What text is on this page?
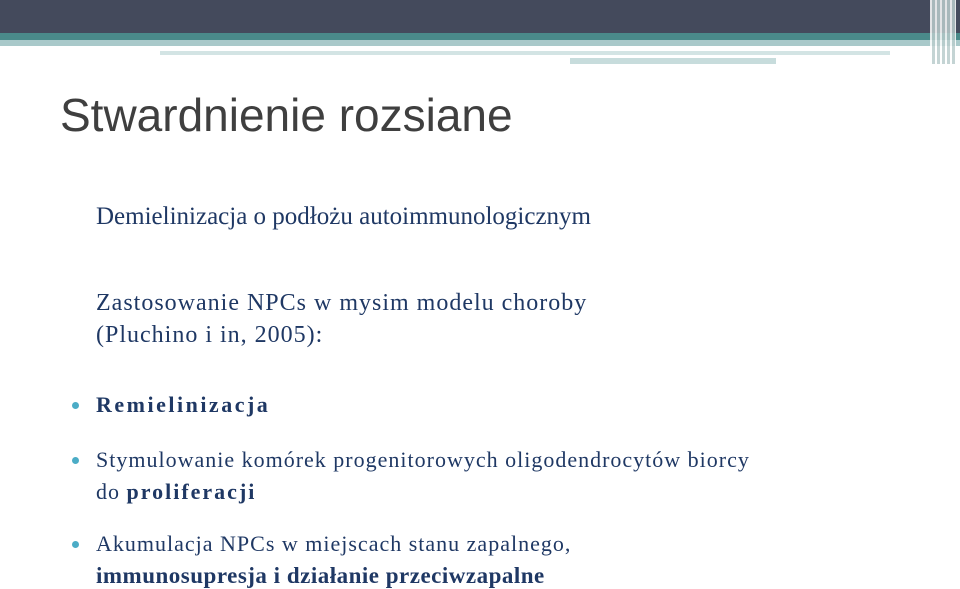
Stwardnienie rozsiane
Demielinizacja o podłożu autoimmunologicznym
Zastosowanie NPCs w mysim modelu choroby
(Pluchino i in, 2005):
Remielinizacja
Stymulowanie komórek progenitorowych oligodendrocytów biorcy
do proliferacji
Akumulacja NPCs w miejscach stanu zapalnego,
immunosupresja i działanie przeciwzapalne
